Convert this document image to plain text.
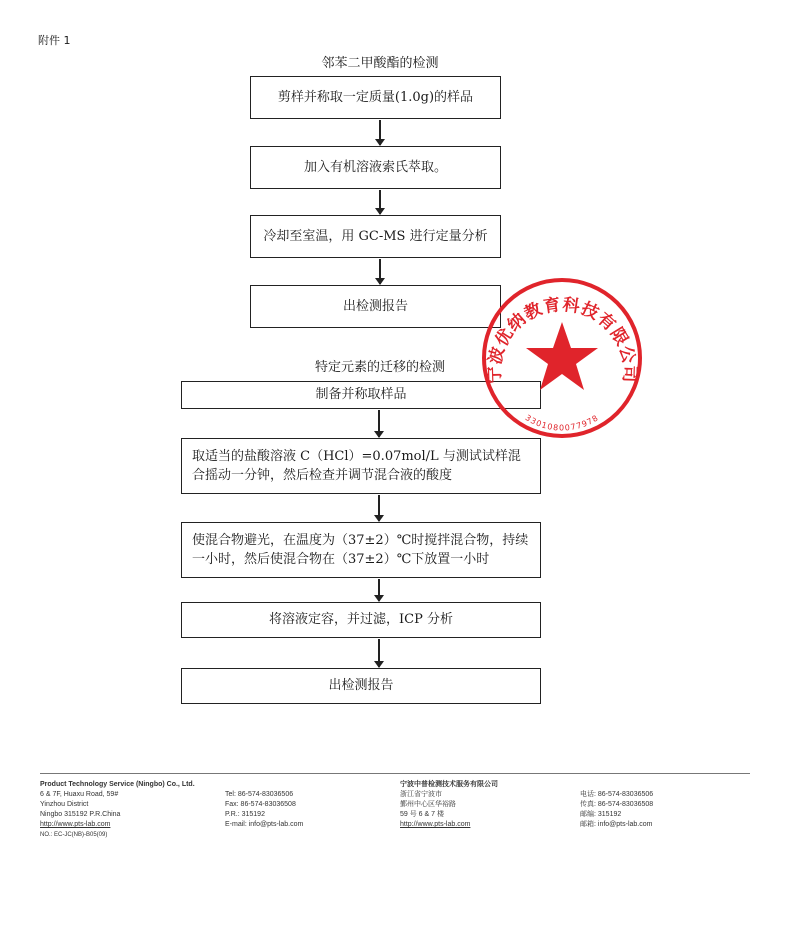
附件 1
邻苯二甲酸酯的检测
剪样并称取一定质量(1.0g)的样品
加入有机溶液索氏萃取。
冷却至室温，用 GC-MS 进行定量分析
出检测报告
特定元素的迁移的检测
制备并称取样品
取适当的盐酸溶液 C（HCl）=0.07mol/L 与测试试样混合摇动一分钟，然后检查并调节混合液的酸度
使混合物避光，在温度为（37±2）℃时搅拌混合物，持续一小时，然后使混合物在（37±2）℃下放置一小时
将溶液定容，并过滤，ICP 分析
出检测报告
宁波优纳教育科技有限公司
3301080077978
Product Technology Service (Ningbo) Co., Ltd.
6 & 7F, Huaxu Road, 59#
Yinzhou District
Ningbo 315192 P.R.China
http://www.pts-lab.com
NO.: EC-JC(NB)-B05(09)
Tel: 86-574-83036506
Fax: 86-574-83036508
P.R.: 315192
E-mail: info@pts-lab.com
宁波中普检测技术服务有限公司
浙江省宁波市
鄞州中心区华裕路
59 号 6 & 7 楼
http://www.pts-lab.com
电话: 86-574-83036506
传真: 86-574-83036508
邮编: 315192
邮箱: info@pts-lab.com
